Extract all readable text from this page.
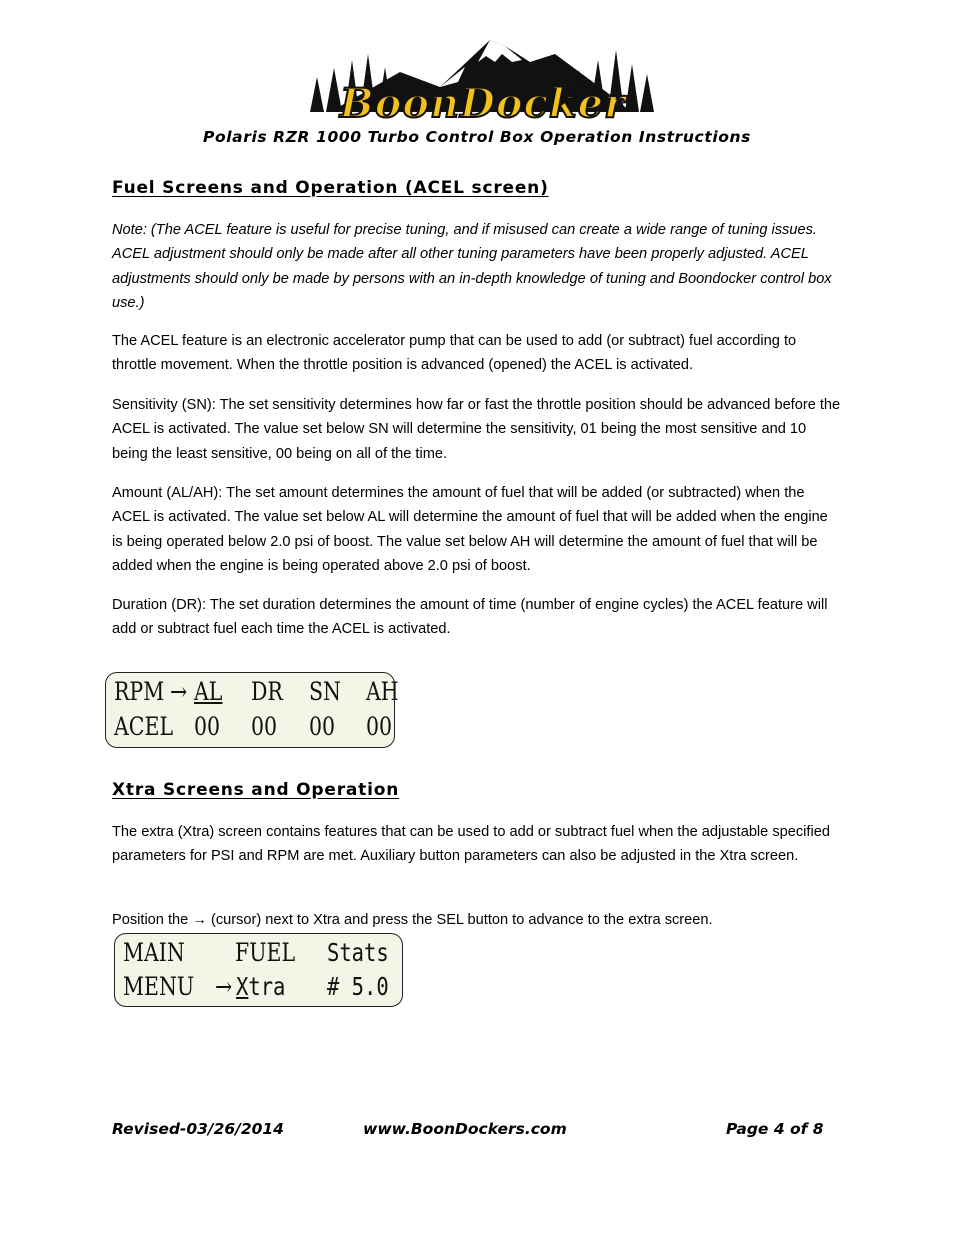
BoonDocker
Polaris RZR 1000 Turbo Control Box Operation Instructions
Fuel Screens and Operation (ACEL screen)

Note: (The ACEL feature is useful for precise tuning, and if misused can create a wide range of tuning issues. ACEL adjustment should only be made after all other tuning parameters have been properly adjusted. ACEL adjustments should only be made by persons with an in-depth knowledge of tuning and Boondocker control box use.)

The ACEL feature is an electronic accelerator pump that can be used to add (or subtract) fuel according to throttle movement. When the throttle position is advanced (opened) the ACEL is activated.

Sensitivity (SN): The set sensitivity determines how far or fast the throttle position should be advanced before the ACEL is activated. The value set below SN will determine the sensitivity, 01 being the most sensitive and 10 being the least sensitive, 00 being on all of the time.

Amount (AL/AH): The set amount determines the amount of fuel that will be added (or subtracted) when the ACEL is activated. The value set below AL will determine the amount of fuel that will be added when the engine is being operated below 2.0 psi of boost. The value set below AH will determine the amount of fuel that will be added when the engine is being operated above 2.0 psi of boost.

Duration (DR): The set duration determines the amount of time (number of engine cycles) the ACEL feature will add or subtract fuel each time the ACEL is activated.

RPM → AL DR SN AH
ACEL 00 00 00 00
Xtra Screens and Operation

The extra (Xtra) screen contains features that can be used to add or subtract fuel when the adjustable specified parameters for PSI and RPM are met. Auxiliary button parameters can also be adjusted in the Xtra screen.

Position the → (cursor) next to Xtra and press the SEL button to advance to the extra screen.

MAIN FUEL Stats
MENU → Xtra # 5.0

Revised-03/26/2014	www.BoonDockers.com	Page 4 of 8
